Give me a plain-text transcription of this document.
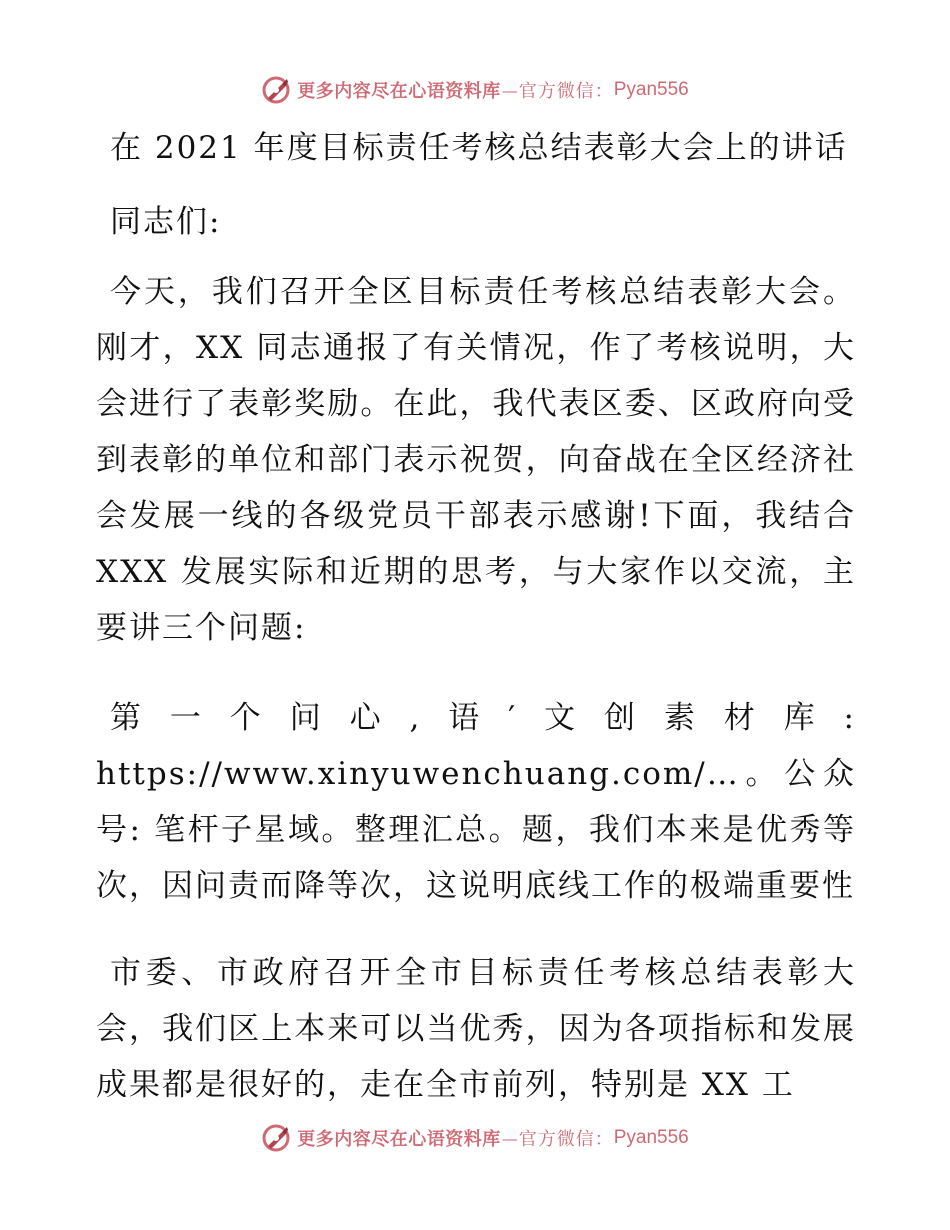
更多内容尽在心语资料库 — 官方微信： Pyan556
在 2021 年度目标责任考核总结表彰大会上的讲话
同志们:

今天，我们召开全区目标责任考核总结表彰大会。刚才，XX 同志通报了有关情况，作了考核说明，大会进行了表彰奖励。在此，我代表区委、区政府向受到表彰的单位和部门表示祝贺，向奋战在全区经济社会发展一线的各级党员干部表示感谢!下面，我结合 XXX 发展实际和近期的思考，与大家作以交流，主要讲三个问题:

第一个问心,语′文创素材库: https://www.xinyuwenchuang.com/…。公众号: 笔杆子星域。整理汇总。题，我们本来是优秀等次，因问责而降等次，这说明底线工作的极端重要性

市委、市政府召开全市目标责任考核总结表彰大会，我们区上本来可以当优秀，因为各项指标和发展成果都是很好的，走在全市前列，特别是 XX 工

更多内容尽在心语资料库 — 官方微信： Pyan556
